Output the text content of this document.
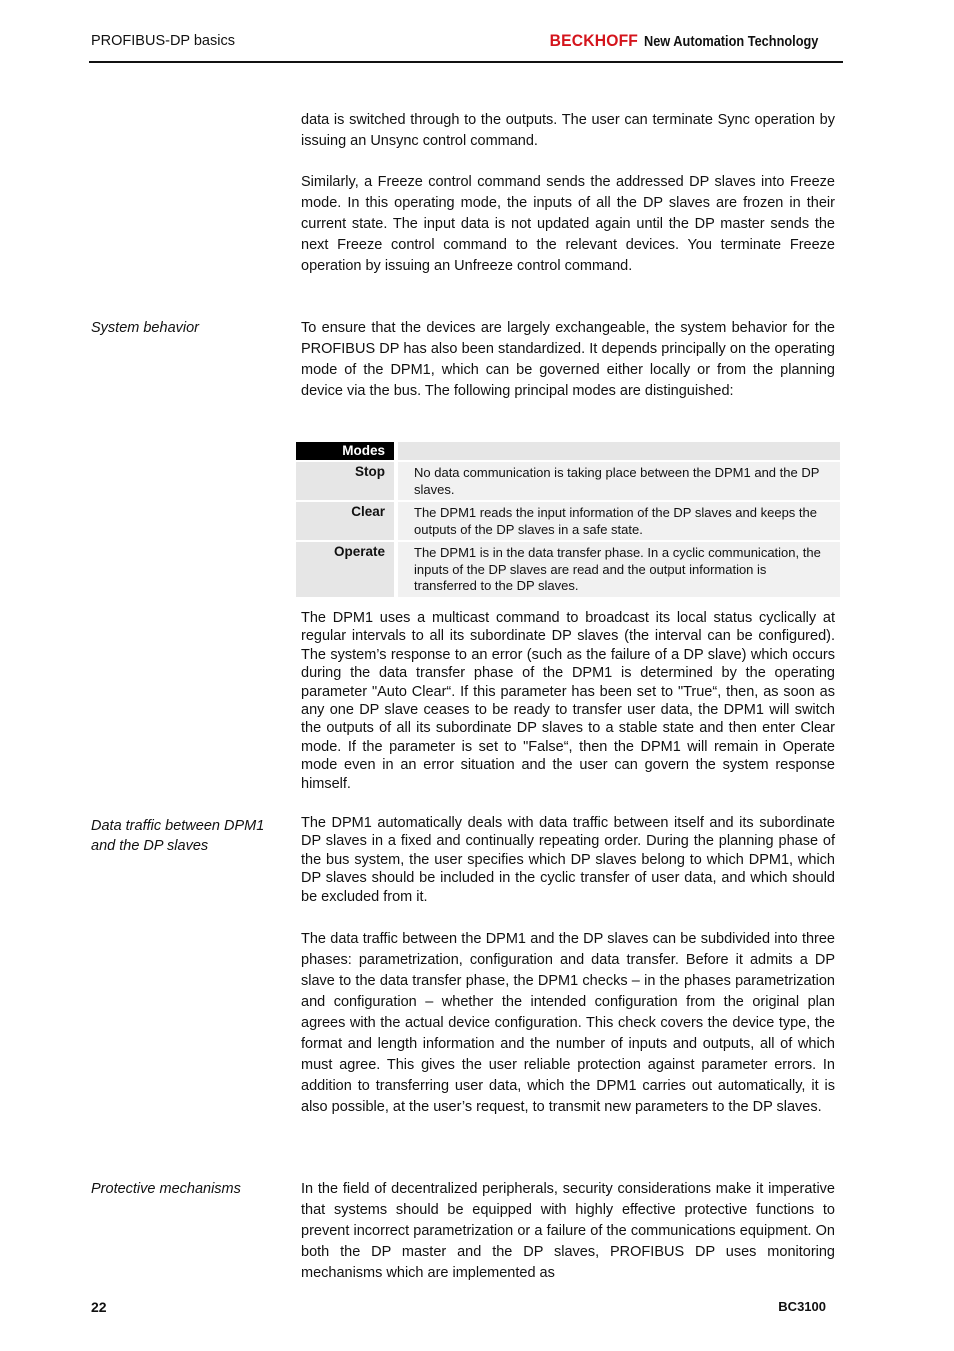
PROFIBUS-DP basics	BECKHOFF New Automation Technology
data is switched through to the outputs. The user can terminate Sync operation by issuing an Unsync control command.
Similarly, a Freeze control command sends the addressed DP slaves into Freeze mode. In this operating mode, the inputs of all the DP slaves are frozen in their current state. The input data is not updated again until the DP master sends the next Freeze control command to the relevant devices. You terminate Freeze operation by issuing an Unfreeze control command.
System behavior	To ensure that the devices are largely exchangeable, the system behavior for the PROFIBUS DP has also been standardized. It depends principally on the operating mode of the DPM1, which can be governed either locally or from the planning device via the bus. The following principal modes are distinguished:
Modes		

Stop		No data communication is taking place between the DPM1 and the DP slaves.

Clear		The DPM1 reads the input information of the DP slaves and keeps the outputs of the DP slaves in a safe state.

Operate		The DPM1 is in the data transfer phase. In a cyclic communication, the inputs of the DP slaves are read and the output information is transferred to the DP slaves.
The DPM1 uses a multicast command to broadcast its local status cyclically at regular intervals to all its subordinate DP slaves (the interval can be configured). The system’s response to an error (such as the failure of a DP slave) which occurs during the data transfer phase of the DPM1 is determined by the operating parameter "Auto Clear“. If this parameter has been set to "True“, then, as soon as any one DP slave ceases to be ready to transfer user data, the DPM1 will switch the outputs of all its subordinate DP slaves to a stable state and then enter Clear mode. If the parameter is set to "False“, then the DPM1 will remain in Operate mode even in an error situation and the user can govern the system response himself.
Data traffic between DPM1 and the DP slaves
The DPM1 automatically deals with data traffic between itself and its subordinate DP slaves in a fixed and continually repeating order. During the planning phase of the bus system, the user specifies which DP slaves belong to which DPM1, which DP slaves should be included in the cyclic transfer of user data, and which should be excluded from it.
The data traffic between the DPM1 and the DP slaves can be subdivided into three phases: parametrization, configuration and data transfer. Before it admits a DP slave to the data transfer phase, the DPM1 checks – in the phases parametrization and configuration – whether the intended configuration from the original plan agrees with the actual device configuration. This check covers the device type, the format and length information and the number of inputs and outputs, all of which must agree. This gives the user reliable protection against parameter errors. In addition to transferring user data, which the DPM1 carries out automatically, it is also possible, at the user’s request, to transmit new parameters to the DP slaves.
Protective mechanisms	In the field of decentralized peripherals, security considerations make it imperative that systems should be equipped with highly effective protective functions to prevent incorrect parametrization or a failure of the communications equipment. On both the DP master and the DP slaves, PROFIBUS DP uses monitoring mechanisms which are implemented as
22	BC3100
